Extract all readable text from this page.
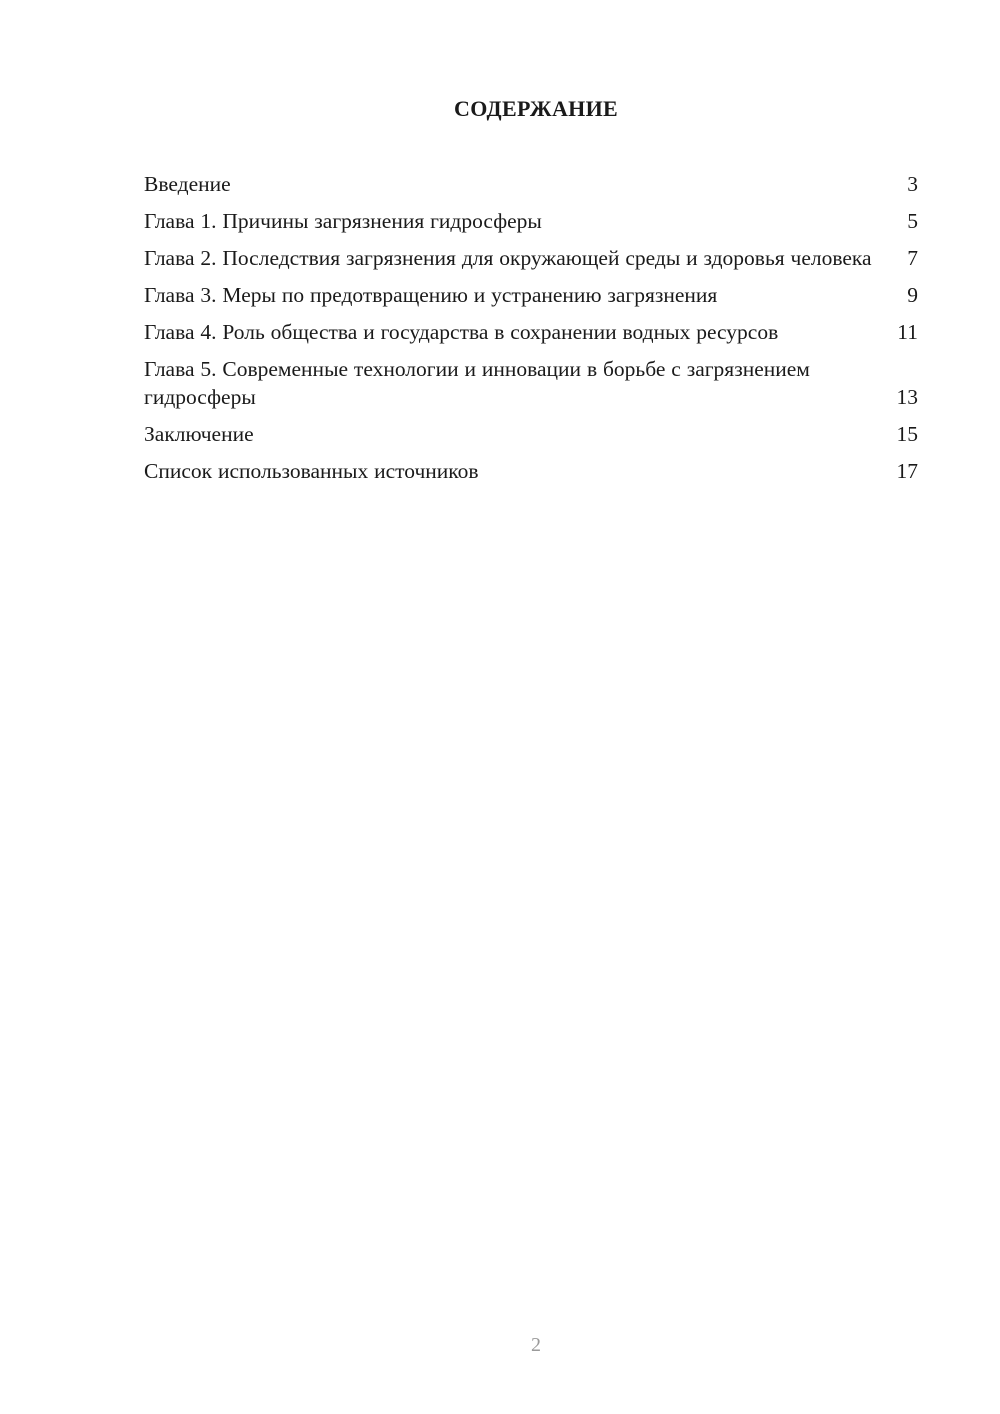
СОДЕРЖАНИЕ
Введение	3
Глава 1. Причины загрязнения гидросферы	5
Глава 2. Последствия загрязнения для окружающей среды и здоровья человека	7
Глава 3. Меры по предотвращению и устранению загрязнения	9
Глава 4. Роль общества и государства в сохранении водных ресурсов	11
Глава 5. Современные технологии и инновации в борьбе с загрязнением гидросферы	13
Заключение	15
Список использованных источников	17
2
